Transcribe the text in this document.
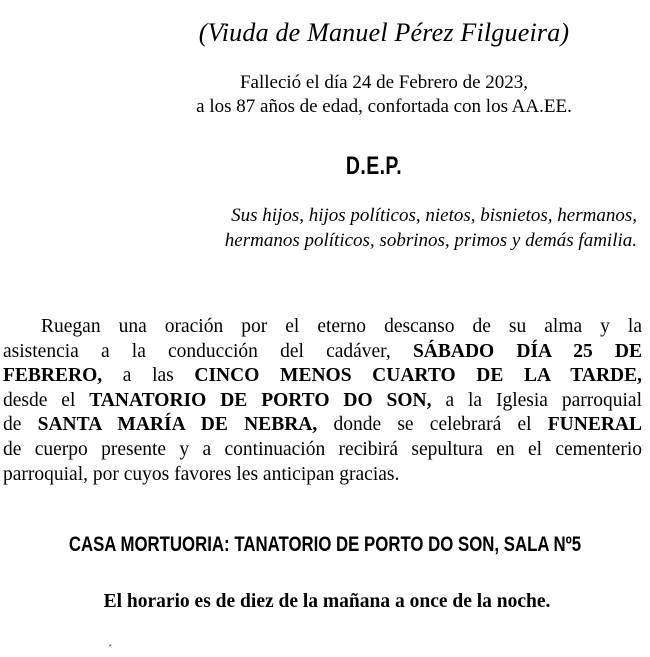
(Viuda de Manuel Pérez Filgueira)
Falleció el día 24 de Febrero de 2023,
a los 87 años de edad, confortada con los AA.EE.
D.E.P.
Sus hijos, hijos políticos, nietos, bisnietos, hermanos,
hermanos políticos, sobrinos, primos y demás familia.
Ruegan una oración por el eterno descanso de su alma y la
asistencia a la conducción del cadáver, SÁBADO DÍA 25 DE
FEBRERO, a las CINCO MENOS CUARTO DE LA TARDE,
desde el TANATORIO DE PORTO DO SON, a la Iglesia parroquial
de SANTA MARÍA DE NEBRA, donde se celebrará el FUNERAL
de cuerpo presente y a continuación recibirá sepultura en el cementerio
parroquial, por cuyos favores les anticipan gracias.
CASA MORTUORIA: TANATORIO DE PORTO DO SON, SALA Nº5
El horario es de diez de la mañana a once de la noche.
´
